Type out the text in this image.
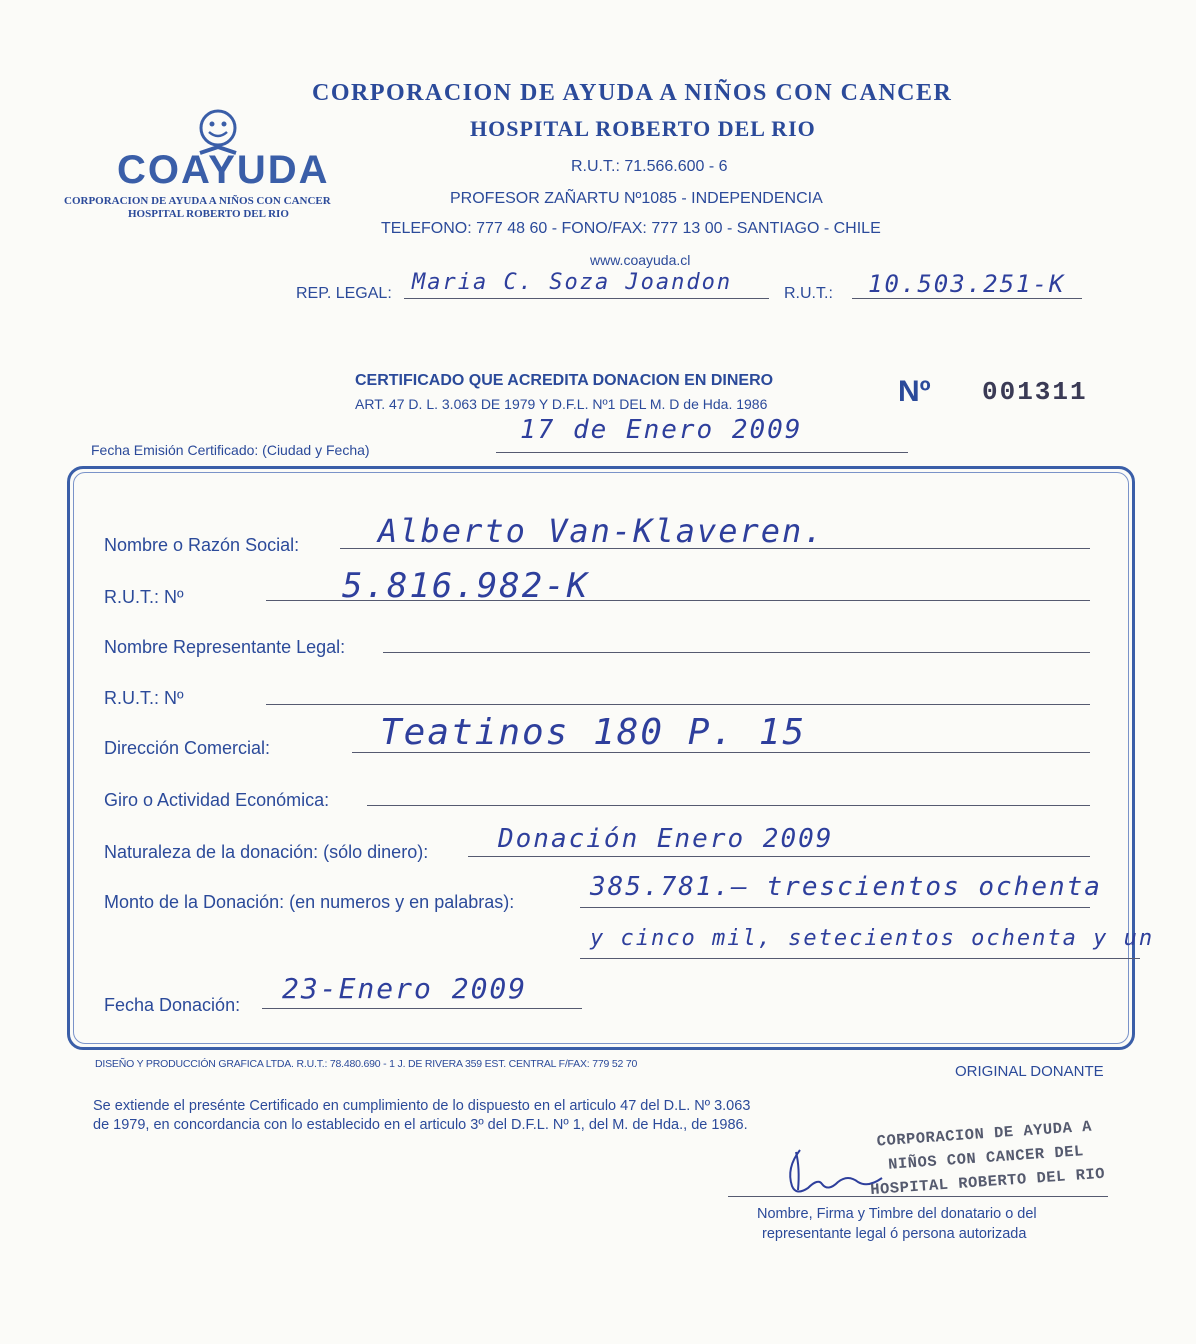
COAYUDA
CORPORACION DE AYUDA A NIÑOS CON CANCER
HOSPITAL ROBERTO DEL RIO
CORPORACION DE AYUDA A NIÑOS CON CANCER
HOSPITAL ROBERTO DEL RIO
R.U.T.: 71.566.600 - 6
PROFESOR ZAÑARTU Nº1085 - INDEPENDENCIA
TELEFONO: 777 48 60 - FONO/FAX: 777 13 00 - SANTIAGO - CHILE
www.coayuda.cl
REP. LEGAL: Maria C. Soza Joandon	R.U.T.: 10.503.251-K
CERTIFICADO QUE ACREDITA DONACION EN DINERO
ART. 47 D. L. 3.063 DE 1979 Y D.F.L. Nº1 DEL M. D de Hda. 1986	Nº 001311
Fecha Emisión Certificado: (Ciudad y Fecha)
17 de Enero 2009
Nombre o Razón Social: Alberto Van-Klaveren.
R.U.T.: Nº	5.816.982-K
Nombre Representante Legal:
R.U.T.: Nº
Dirección Comercial:	Teatinos 180 P. 15
Giro o Actividad Económica:
Naturaleza de la donación: (sólo dinero):	Donación Enero 2009
Monto de la Donación: (en numeros y en palabras):	385.781.– trescientos ochenta
y cinco mil, setecientos ochenta y un
Fecha Donación: 23-Enero 2009
DISEÑO Y PRODUCCIÓN GRAFICA LTDA. R.U.T.: 78.480.690 - 1 J. DE RIVERA 359 EST. CENTRAL F/FAX: 779 52 70	ORIGINAL DONANTE
Se extiende el presénte Certificado en cumplimiento de lo dispuesto en el articulo 47 del D.L. Nº 3.063
de 1979, en concordancia con lo establecido en el articulo 3º del D.F.L. Nº 1, del M. de Hda., de 1986.	CORPORACION DE AYUDA A
NIÑOS CON CANCER DEL
HOSPITAL ROBERTO DEL RIO
Nombre, Firma y Timbre del donatario o del
representante legal ó persona autorizada
